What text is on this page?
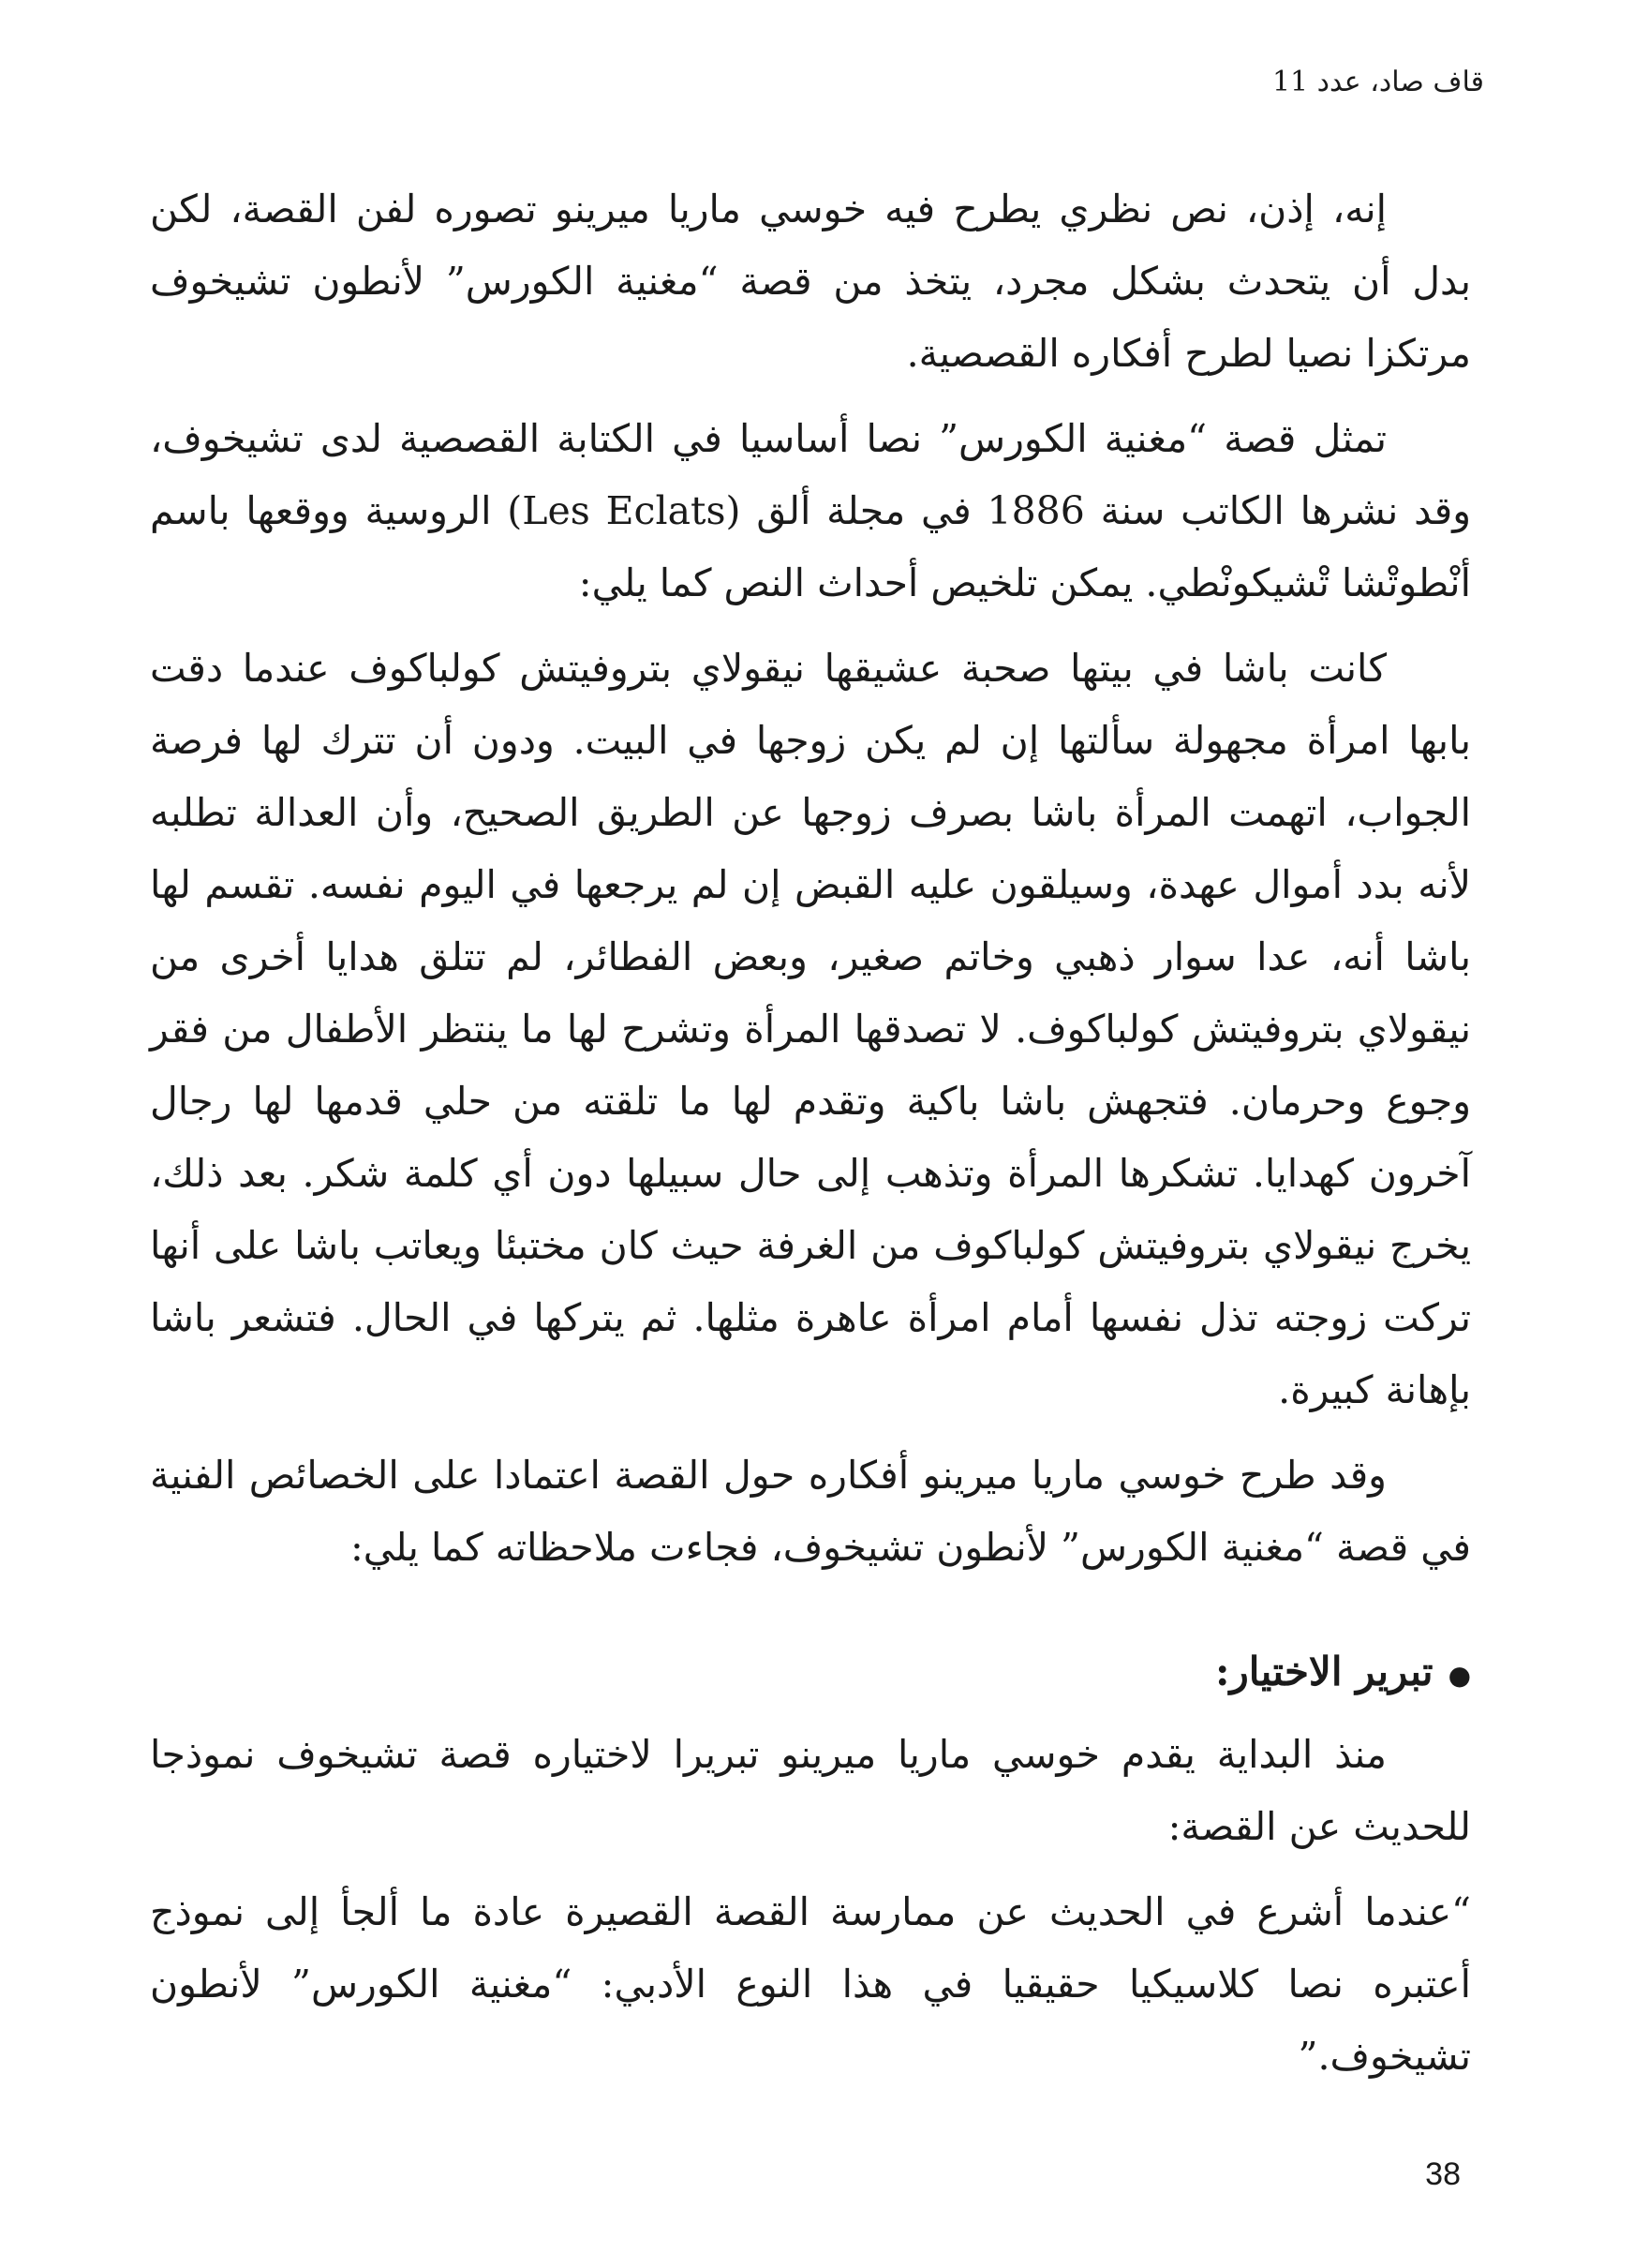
قاف صاد، عدد 11

إنه، إذن، نص نظري يطرح فيه خوسي ماريا ميرينو تصوره لفن القصة، لكن بدل أن يتحدث بشكل مجرد، يتخذ من قصة “مغنية الكورس” لأنطون تشيخوف مرتكزا نصيا لطرح أفكاره القصصية.

تمثل قصة “مغنية الكورس” نصا أساسيا في الكتابة القصصية لدى تشيخوف، وقد نشرها الكاتب سنة 1886 في مجلة ألق (Les Eclats) الروسية ووقعها باسم أنْطوتْشا تْشيكونْطي. يمكن تلخيص أحداث النص كما يلي:

كانت باشا في بيتها صحبة عشيقها نيقولاي بتروفيتش كولباكوف عندما دقت بابها امرأة مجهولة سألتها إن لم يكن زوجها في البيت. ودون أن تترك لها فرصة الجواب، اتهمت المرأة باشا بصرف زوجها عن الطريق الصحيح، وأن العدالة تطلبه لأنه بدد أموال عهدة، وسيلقون عليه القبض إن لم يرجعها في اليوم نفسه. تقسم لها باشا أنه، عدا سوار ذهبي وخاتم صغير، وبعض الفطائر، لم تتلق هدايا أخرى من نيقولاي بتروفيتش كولباكوف. لا تصدقها المرأة وتشرح لها ما ينتظر الأطفال من فقر وجوع وحرمان. فتجهش باشا باكية وتقدم لها ما تلقته من حلي قدمها لها رجال آخرون كهدايا. تشكرها المرأة وتذهب إلى حال سبيلها دون أي كلمة شكر. بعد ذلك، يخرج نيقولاي بتروفيتش كولباكوف من الغرفة حيث كان مختبئا ويعاتب باشا على أنها تركت زوجته تذل نفسها أمام امرأة عاهرة مثلها. ثم يتركها في الحال. فتشعر باشا بإهانة كبيرة.

وقد طرح خوسي ماريا ميرينو أفكاره حول القصة اعتمادا على الخصائص الفنية في قصة “مغنية الكورس” لأنطون تشيخوف، فجاءت ملاحظاته كما يلي:

●تبرير الاختيار:

منذ البداية يقدم خوسي ماريا ميرينو تبريرا لاختياره قصة تشيخوف نموذجا للحديث عن القصة:

“عندما أشرع في الحديث عن ممارسة القصة القصيرة عادة ما ألجأ إلى نموذج أعتبره نصا كلاسيكيا حقيقيا في هذا النوع الأدبي: “مغنية الكورس” لأنطون تشيخوف.”

38
